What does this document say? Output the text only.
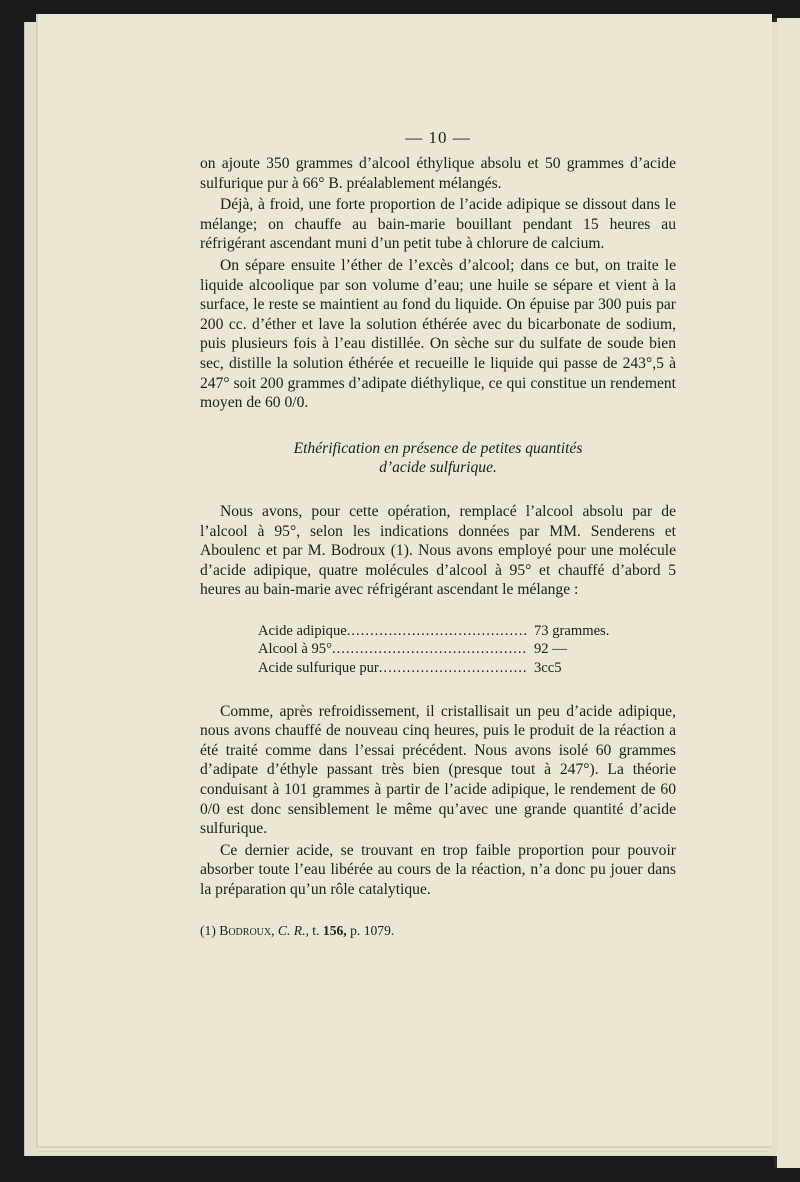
— 10 —

on ajoute 350 grammes d’alcool éthylique absolu et 50 grammes d’acide sulfurique pur à 66° B. préalablement mélangés.

Déjà, à froid, une forte proportion de l’acide adipique se dissout dans le mélange; on chauffe au bain-marie bouillant pendant 15 heures au réfrigérant ascendant muni d’un petit tube à chlorure de calcium.

On sépare ensuite l’éther de l’excès d’alcool; dans ce but, on traite le liquide alcoolique par son volume d’eau; une huile se sépare et vient à la surface, le reste se maintient au fond du liquide. On épuise par 300 puis par 200 cc. d’éther et lave la solution éthérée avec du bicarbonate de sodium, puis plusieurs fois à l’eau distillée. On sèche sur du sulfate de soude bien sec, distille la solution éthérée et recueille le liquide qui passe de 243°,5 à 247° soit 200 grammes d’adipate diéthylique, ce qui constitue un rendement moyen de 60 0/0.

Ethérification en présence de petites quantités
d’acide sulfurique.

Nous avons, pour cette opération, remplacé l’alcool absolu par de l’alcool à 95°, selon les indications données par MM. Senderens et Aboulenc et par M. Bodroux (1). Nous avons employé pour une molécule d’acide adipique, quatre molécules d’alcool à 95° et chauffé d’abord 5 heures au bain-marie avec réfrigérant ascendant le mélange :

Acide adipique .....	73 grammes.
Alcool à 95° .....	92 —
Acide sulfurique pur .....	3cc5

Comme, après refroidissement, il cristallisait un peu d’acide adipique, nous avons chauffé de nouveau cinq heures, puis le produit de la réaction a été traité comme dans l’essai précédent. Nous avons isolé 60 grammes d’adipate d’éthyle passant très bien (presque tout à 247°). La théorie conduisant à 101 grammes à partir de l’acide adipique, le rendement de 60 0/0 est donc sensiblement le même qu’avec une grande quantité d’acide sulfurique.

Ce dernier acide, se trouvant en trop faible proportion pour pouvoir absorber toute l’eau libérée au cours de la réaction, n’a donc pu jouer dans la préparation qu’un rôle catalytique.

(1) Bodroux, C. R., t. 156, p. 1079.
